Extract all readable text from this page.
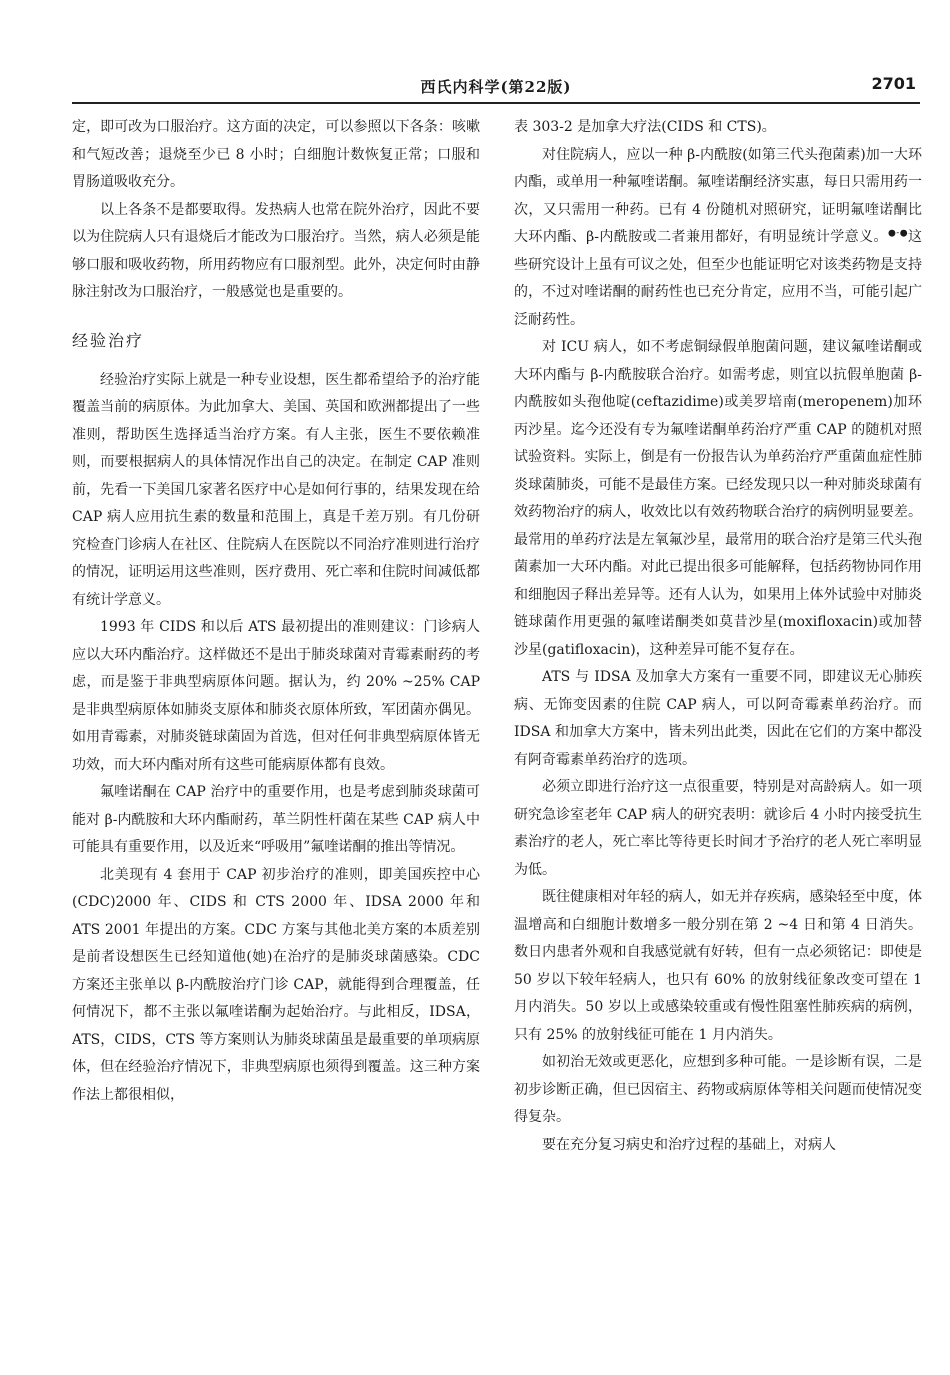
西氏内科学(第22版)	2701

定，即可改为口服治疗。这方面的决定，可以参照以下各条：咳嗽和气短改善；退烧至少已 8 小时；白细胞计数恢复正常；口服和胃肠道吸收充分。

以上各条不是都要取得。发热病人也常在院外治疗，因此不要以为住院病人只有退烧后才能改为口服治疗。当然，病人必须是能够口服和吸收药物，所用药物应有口服剂型。此外，决定何时由静脉注射改为口服治疗，一般感觉也是重要的。

经验治疗

经验治疗实际上就是一种专业设想，医生都希望给予的治疗能覆盖当前的病原体。为此加拿大、美国、英国和欧洲都提出了一些准则，帮助医生选择适当治疗方案。有人主张，医生不要依赖准则，而要根据病人的具体情况作出自己的决定。在制定 CAP 准则前，先看一下美国几家著名医疗中心是如何行事的，结果发现在给 CAP 病人应用抗生素的数量和范围上，真是千差万别。有几份研究检查门诊病人在社区、住院病人在医院以不同治疗准则进行治疗的情况，证明运用这些准则，医疗费用、死亡率和住院时间减低都有统计学意义。

1993 年 CIDS 和以后 ATS 最初提出的准则建议：门诊病人应以大环内酯治疗。这样做还不是出于肺炎球菌对青霉素耐药的考虑，而是鉴于非典型病原体问题。据认为，约 20% ~25% CAP 是非典型病原体如肺炎支原体和肺炎衣原体所致，军团菌亦偶见。如用青霉素，对肺炎链球菌固为首选，但对任何非典型病原体皆无功效，而大环内酯对所有这些可能病原体都有良效。

氟喹诺酮在 CAP 治疗中的重要作用，也是考虑到肺炎球菌可能对 β-内酰胺和大环内酯耐药，革兰阴性杆菌在某些 CAP 病人中可能具有重要作用，以及近来“呼吸用”氟喹诺酮的推出等情况。

北美现有 4 套用于 CAP 初步治疗的准则，即美国疾控中心(CDC)2000 年、CIDS 和 CTS 2000 年、IDSA 2000 年和 ATS 2001 年提出的方案。CDC 方案与其他北美方案的本质差别是前者设想医生已经知道他(她)在治疗的是肺炎球菌感染。CDC 方案还主张单以 β-内酰胺治疗门诊 CAP，就能得到合理覆盖，任何情况下，都不主张以氟喹诺酮为起始治疗。与此相反，IDSA，ATS，CIDS，CTS 等方案则认为肺炎球菌虽是最重要的单项病原体，但在经验治疗情况下，非典型病原也须得到覆盖。这三种方案作法上都很相似，

表 303-2 是加拿大疗法(CIDS 和 CTS)。

对住院病人，应以一种 β-内酰胺(如第三代头孢菌素)加一大环内酯，或单用一种氟喹诺酮。氟喹诺酮经济实惠，每日只需用药一次，又只需用一种药。已有 4 份随机对照研究，证明氟喹诺酮比大环内酯、β-内酰胺或二者兼用都好，有明显统计学意义。●-●这些研究设计上虽有可议之处，但至少也能证明它对该类药物是支持的，不过对喹诺酮的耐药性也已充分肯定，应用不当，可能引起广泛耐药性。

对 ICU 病人，如不考虑铜绿假单胞菌问题，建议氟喹诺酮或大环内酯与 β-内酰胺联合治疗。如需考虑，则宜以抗假单胞菌 β-内酰胺如头孢他啶(ceftazidime)或美罗培南(meropenem)加环丙沙星。迄今还没有专为氟喹诺酮单药治疗严重 CAP 的随机对照试验资料。实际上，倒是有一份报告认为单药治疗严重菌血症性肺炎球菌肺炎，可能不是最佳方案。已经发现只以一种对肺炎球菌有效药物治疗的病人，收效比以有效药物联合治疗的病例明显要差。最常用的单药疗法是左氧氟沙星，最常用的联合治疗是第三代头孢菌素加一大环内酯。对此已提出很多可能解释，包括药物协同作用和细胞因子释出差异等。还有人认为，如果用上体外试验中对肺炎链球菌作用更强的氟喹诺酮类如莫昔沙星(moxifloxacin)或加替沙星(gatifloxacin)，这种差异可能不复存在。

ATS 与 IDSA 及加拿大方案有一重要不同，即建议无心肺疾病、无饰变因素的住院 CAP 病人，可以阿奇霉素单药治疗。而 IDSA 和加拿大方案中，皆未列出此类，因此在它们的方案中都没有阿奇霉素单药治疗的选项。

必须立即进行治疗这一点很重要，特别是对高龄病人。如一项研究急诊室老年 CAP 病人的研究表明：就诊后 4 小时内接受抗生素治疗的老人，死亡率比等待更长时间才予治疗的老人死亡率明显为低。

既往健康相对年轻的病人，如无并存疾病，感染轻至中度，体温增高和白细胞计数增多一般分别在第 2 ~4 日和第 4 日消失。数日内患者外观和自我感觉就有好转，但有一点必须铭记：即使是 50 岁以下较年轻病人，也只有 60% 的放射线征象改变可望在 1 月内消失。50 岁以上或感染较重或有慢性阻塞性肺疾病的病例，只有 25% 的放射线征可能在 1 月内消失。

如初治无效或更恶化，应想到多种可能。一是诊断有误，二是初步诊断正确，但已因宿主、药物或病原体等相关问题而使情况变得复杂。

要在充分复习病史和治疗过程的基础上，对病人
